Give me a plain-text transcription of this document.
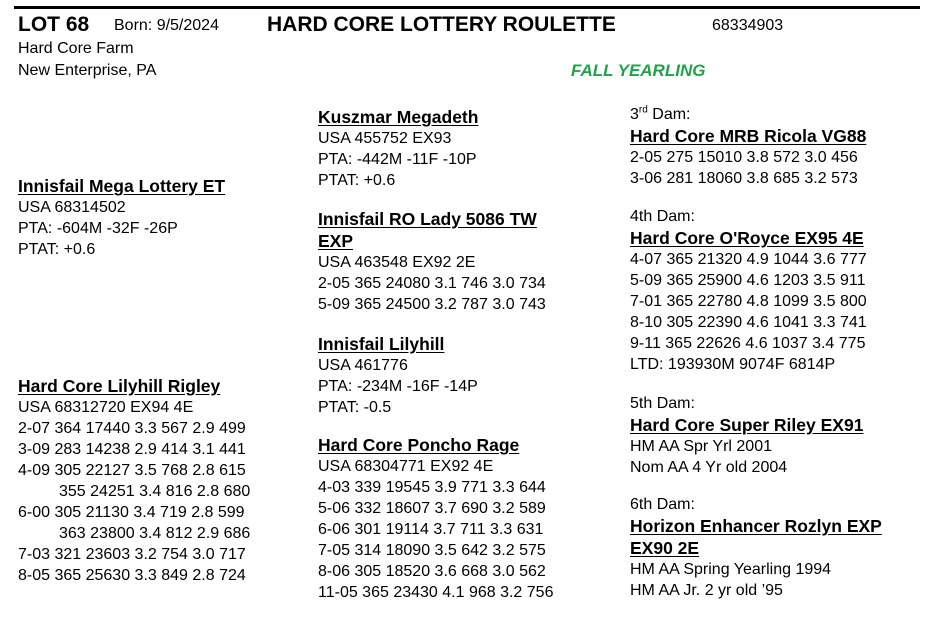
LOT 68 Born: 9/5/2024 HARD CORE LOTTERY ROULETTE	68334903
Hard Core Farm
New Enterprise, PA	FALL YEARLING
Innisfail Mega Lottery ET
USA 68314502
PTA: -604M -32F -26P
PTAT: +0.6
Hard Core Lilyhill Rigley
USA 68312720 EX94 4E
2-07 364 17440 3.3 567 2.9 499
3-09 283 14238 2.9 414 3.1 441
4-09 305 22127 3.5 768 2.8 615
355 24251 3.4 816 2.8 680
6-00 305 21130 3.4 719 2.8 599
363 23800 3.4 812 2.9 686
7-03 321 23603 3.2 754 3.0 717
8-05 365 25630 3.3 849 2.8 724
Kuszmar Megadeth
USA 455752 EX93
PTA: -442M -11F -10P
PTAT: +0.6
Innisfail RO Lady 5086 TW
EXP
USA 463548 EX92 2E
2-05 365 24080 3.1 746 3.0 734
5-09 365 24500 3.2 787 3.0 743
Innisfail Lilyhill
USA 461776
PTA: -234M -16F -14P
PTAT: -0.5
Hard Core Poncho Rage
USA 68304771 EX92 4E
4-03 339 19545 3.9 771 3.3 644
5-06 332 18607 3.7 690 3.2 589
6-06 301 19114 3.7 711 3.3 631
7-05 314 18090 3.5 642 3.2 575
8-06 305 18520 3.6 668 3.0 562
11-05 365 23430 4.1 968 3.2 756
3rd Dam:
Hard Core MRB Ricola VG88
2-05 275 15010 3.8 572 3.0 456
3-06 281 18060 3.8 685 3.2 573
4th Dam:
Hard Core O'Royce EX95 4E
4-07 365 21320 4.9 1044 3.6 777
5-09 365 25900 4.6 1203 3.5 911
7-01 365 22780 4.8 1099 3.5 800
8-10 305 22390 4.6 1041 3.3 741
9-11 365 22626 4.6 1037 3.4 775
LTD: 193930M 9074F 6814P
5th Dam:
Hard Core Super Riley EX91
HM AA Spr Yrl 2001
Nom AA 4 Yr old 2004
6th Dam:
Horizon Enhancer Rozlyn EXP
EX90 2E
HM AA Spring Yearling 1994
HM AA Jr. 2 yr old ’95
